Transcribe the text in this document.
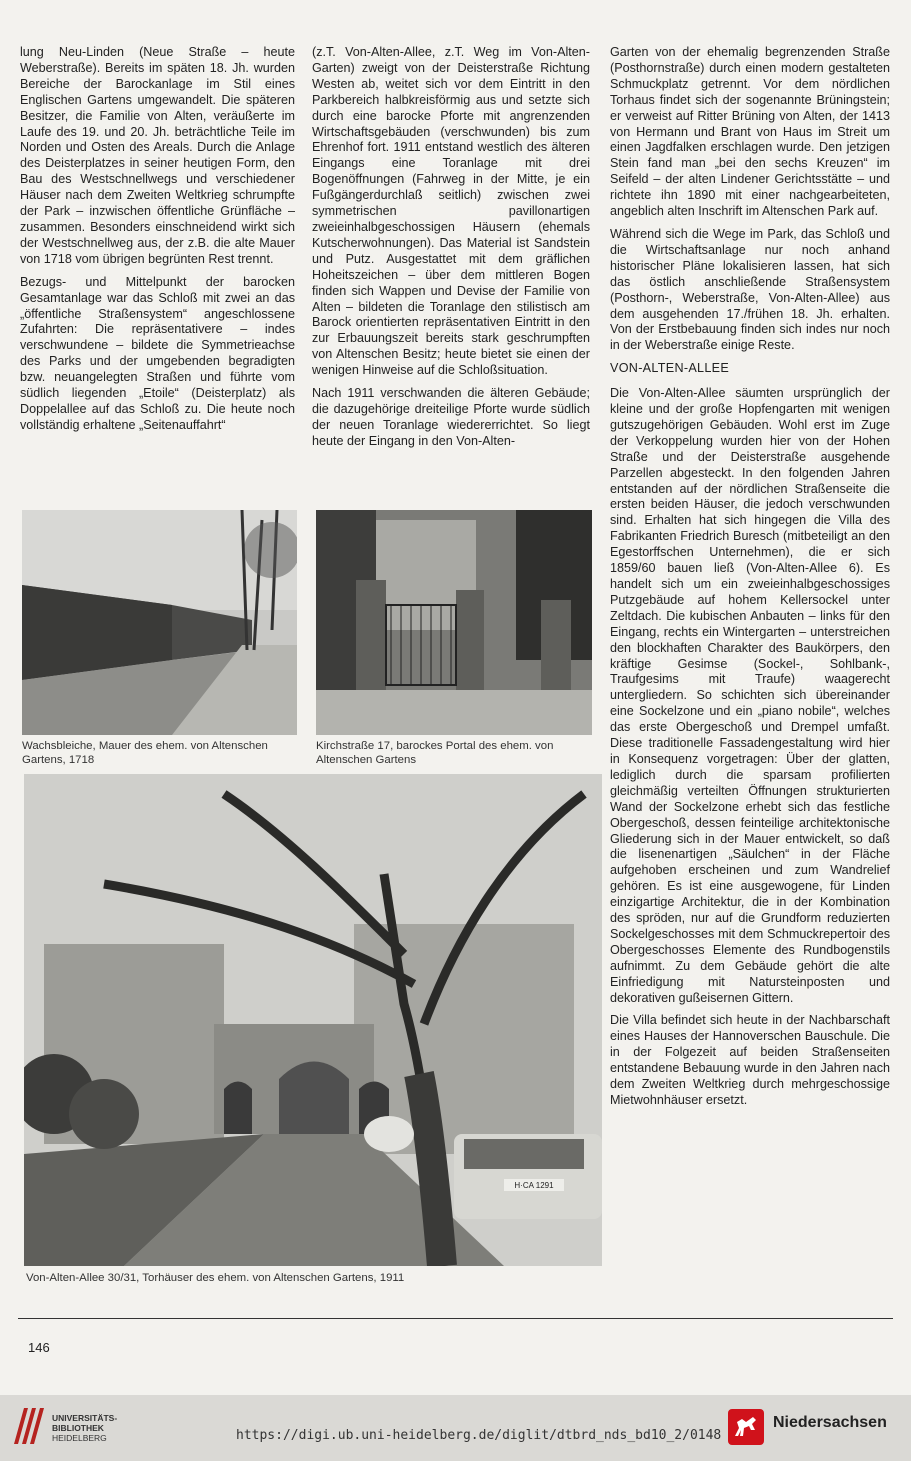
lung Neu-Linden (Neue Straße – heute Weberstraße). Bereits im späten 18. Jh. wurden Bereiche der Barockanlage im Stil eines Englischen Gartens umgewandelt. Die späteren Besitzer, die Familie von Alten, veräußerte im Laufe des 19. und 20. Jh. beträchtliche Teile im Norden und Osten des Areals. Durch die Anlage des Deisterplatzes in seiner heutigen Form, den Bau des Westschnellwegs und verschiedener Häuser nach dem Zweiten Weltkrieg schrumpfte der Park – inzwischen öffentliche Grünfläche – zusammen. Besonders einschneidend wirkt sich der Westschnellweg aus, der z.B. die alte Mauer von 1718 vom übrigen begrünten Rest trennt.

Bezugs- und Mittelpunkt der barocken Gesamtanlage war das Schloß mit zwei an das „öffentliche Straßensystem“ angeschlossene Zufahrten: Die repräsentativere – indes verschwundene – bildete die Symmetrieachse des Parks und der umgebenden begradigten bzw. neuangelegten Straßen und führte vom südlich liegenden „Etoile“ (Deisterplatz) als Doppelallee auf das Schloß zu. Die heute noch vollständig erhaltene „Seitenauffahrt“

(z.T. Von-Alten-Allee, z.T. Weg im Von-Alten-Garten) zweigt von der Deisterstraße Richtung Westen ab, weitet sich vor dem Eintritt in den Parkbereich halbkreisförmig aus und setzte sich durch eine barocke Pforte mit angrenzenden Wirtschaftsgebäuden (verschwunden) bis zum Ehrenhof fort. 1911 entstand westlich des älteren Eingangs eine Toranlage mit drei Bogenöffnungen (Fahrweg in der Mitte, je ein Fußgängerdurchlaß seitlich) zwischen zwei symmetrischen pavillonartigen zweieinhalbgeschossigen Häusern (ehemals Kutscherwohnungen). Das Material ist Sandstein und Putz. Ausgestattet mit dem gräflichen Hoheitszeichen – über dem mittleren Bogen finden sich Wappen und Devise der Familie von Alten – bildeten die Toranlage den stilistisch am Barock orientierten repräsentativen Eintritt in den zur Erbauungszeit bereits stark geschrumpften von Altenschen Besitz; heute bietet sie einen der wenigen Hinweise auf die Schloßsituation.

Nach 1911 verschwanden die älteren Gebäude; die dazugehörige dreiteilige Pforte wurde südlich der neuen Toranlage wiedererrichtet. So liegt heute der Eingang in den Von-Alten-

Garten von der ehemalig begrenzenden Straße (Posthornstraße) durch einen modern gestalteten Schmuckplatz getrennt. Vor dem nördlichen Torhaus findet sich der sogenannte Brüningstein; er verweist auf Ritter Brüning von Alten, der 1413 von Hermann und Brant von Haus im Streit um einen Jagdfalken erschlagen wurde. Den jetzigen Stein fand man „bei den sechs Kreuzen“ im Seifeld – der alten Lindener Gerichtsstätte – und richtete ihn 1890 mit einer nachgearbeiteten, angeblich alten Inschrift im Altenschen Park auf.

Während sich die Wege im Park, das Schloß und die Wirtschaftsanlage nur noch anhand historischer Pläne lokalisieren lassen, hat sich das östlich anschließende Straßensystem (Posthorn-, Weberstraße, Von-Alten-Allee) aus dem ausgehenden 17./frühen 18. Jh. erhalten. Von der Erstbebauung finden sich indes nur noch in der Weberstraße einige Reste.

VON-ALTEN-ALLEE

Die Von-Alten-Allee säumten ursprünglich der kleine und der große Hopfengarten mit wenigen gutszugehörigen Gebäuden. Wohl erst im Zuge der Verkoppelung wurden hier von der Hohen Straße und der Deisterstraße ausgehende Parzellen abgesteckt. In den folgenden Jahren entstanden auf der nördlichen Straßenseite die ersten beiden Häuser, die jedoch verschwunden sind. Erhalten hat sich hingegen die Villa des Fabrikanten Friedrich Buresch (mitbeteiligt an den Egestorffschen Unternehmen), die er sich 1859/60 bauen ließ (Von-Alten-Allee 6). Es handelt sich um ein zweieinhalbgeschossiges Putzgebäude auf hohem Kellersockel unter Zeltdach. Die kubischen Anbauten – links für den Eingang, rechts ein Wintergarten – unterstreichen den blockhaften Charakter des Baukörpers, den kräftige Gesimse (Sockel-, Sohlbank-, Traufgesims mit Traufe) waagerecht untergliedern. So schichten sich übereinander eine Sockelzone und ein „piano nobile“, welches das erste Obergeschoß und Drempel umfaßt. Diese traditionelle Fassadengestaltung wird hier in Konsequenz vorgetragen: Über der glatten, lediglich durch die sparsam profilierten gleichmäßig verteilten Öffnungen strukturierten Wand der Sockelzone erhebt sich das festliche Obergeschoß, dessen feinteilige architektonische Gliederung sich in der Mauer entwickelt, so daß die lisenenartigen „Säulchen“ in der Fläche aufgehoben erscheinen und zum Wandrelief gehören. Es ist eine ausgewogene, für Linden einzigartige Architektur, die in der Kombination des spröden, nur auf die Grundform reduzierten Sockelgeschosses mit dem Schmuckrepertoir des Obergeschosses Elemente des Rundbogenstils aufnimmt. Zu dem Gebäude gehört die alte Einfriedigung mit Natursteinposten und dekorativen gußeisernen Gittern.

Die Villa befindet sich heute in der Nachbarschaft eines Hauses der Hannoverschen Bauschule. Die in der Folgezeit auf beiden Straßenseiten entstandene Bebauung wurde in den Jahren nach dem Zweiten Weltkrieg durch mehrgeschossige Mietwohnhäuser ersetzt.

Wachsbleiche, Mauer des ehem. von Altenschen Gartens, 1718
Kirchstraße 17, barockes Portal des ehem. von Altenschen Gartens
H·CA 1291
Von-Alten-Allee 30/31, Torhäuser des ehem. von Altenschen Gartens, 1911
146
UNIVERSITÄTS-
BIBLIOTHEK
HEIDELBERG	https://digi.ub.uni-heidelberg.de/diglit/dtbrd_nds_bd10_2/0148
Niedersachsen
